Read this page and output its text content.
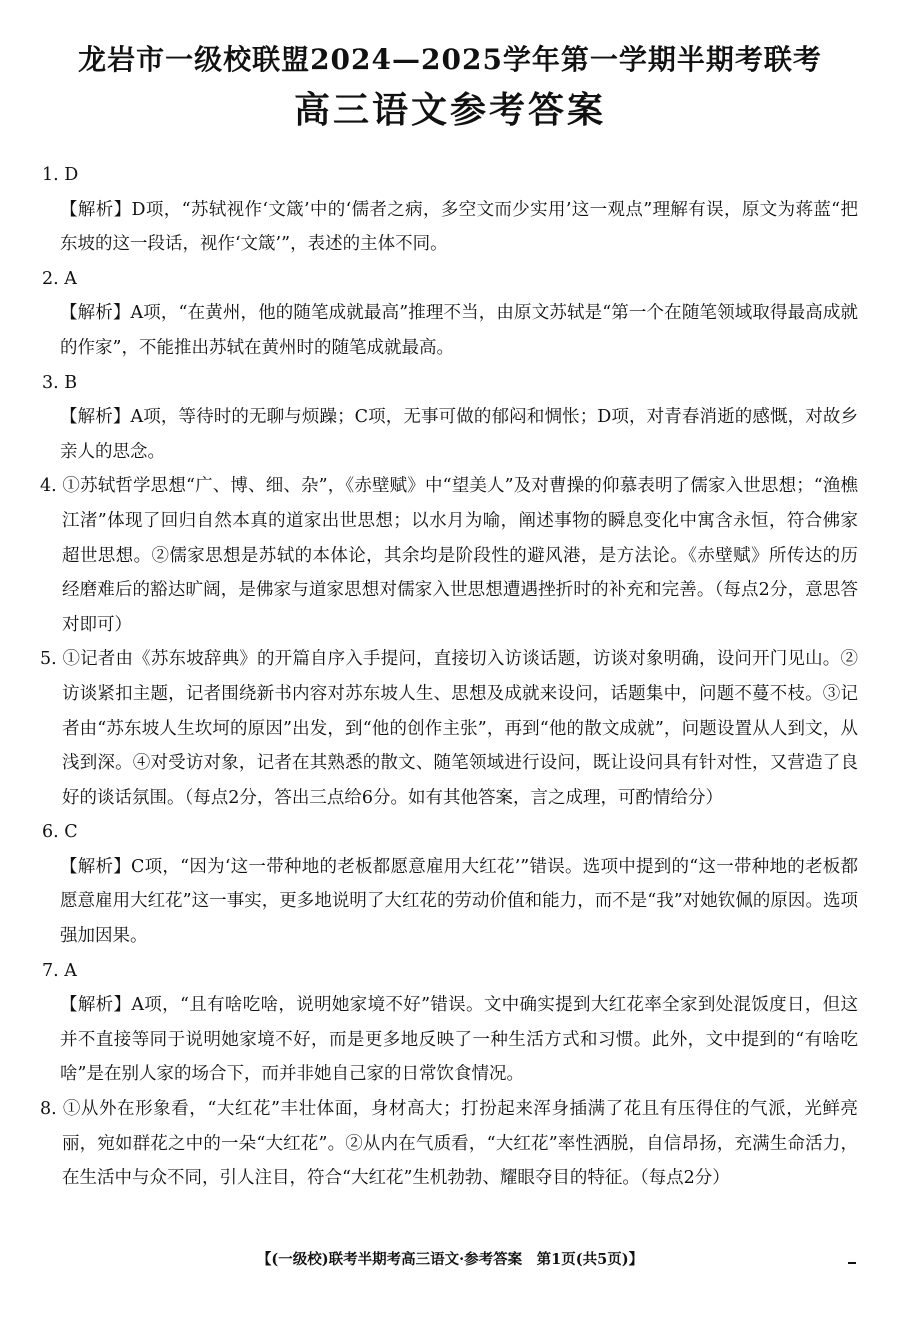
龙岩市一级校联盟2024—2025学年第一学期半期考联考
高三语文参考答案
1. D
【解析】D项，“苏轼视作‘文箴’中的‘儒者之病，多空文而少实用’这一观点”理解有误，原文为蒋蓝“把东坡的这一段话，视作‘文箴’”，表述的主体不同。
2. A
【解析】A项，“在黄州，他的随笔成就最高”推理不当，由原文苏轼是“第一个在随笔领域取得最高成就的作家”，不能推出苏轼在黄州时的随笔成就最高。
3. B
【解析】A项，等待时的无聊与烦躁；C项，无事可做的郁闷和惆怅；D项，对青春消逝的感慨，对故乡亲人的思念。
4. ①苏轼哲学思想“广、博、细、杂”，《赤壁赋》中“望美人”及对曹操的仰慕表明了儒家入世思想；“渔樵江渚”体现了回归自然本真的道家出世思想；以水月为喻，阐述事物的瞬息变化中寓含永恒，符合佛家超世思想。②儒家思想是苏轼的本体论，其余均是阶段性的避风港，是方法论。《赤壁赋》所传达的历经磨难后的豁达旷阔，是佛家与道家思想对儒家入世思想遭遇挫折时的补充和完善。（每点2分，意思答对即可）
5. ①记者由《苏东坡辞典》的开篇自序入手提问，直接切入访谈话题，访谈对象明确，设问开门见山。②访谈紧扣主题，记者围绕新书内容对苏东坡人生、思想及成就来设问，话题集中，问题不蔓不枝。③记者由“苏东坡人生坎坷的原因”出发，到“他的创作主张”，再到“他的散文成就”，问题设置从人到文，从浅到深。④对受访对象，记者在其熟悉的散文、随笔领域进行设问，既让设问具有针对性，又营造了良好的谈话氛围。（每点2分，答出三点给6分。如有其他答案，言之成理，可酌情给分）
6. C
【解析】C项，“因为‘这一带种地的老板都愿意雇用大红花’”错误。选项中提到的“这一带种地的老板都愿意雇用大红花”这一事实，更多地说明了大红花的劳动价值和能力，而不是“我”对她钦佩的原因。选项强加因果。
7. A
【解析】A项，“且有啥吃啥，说明她家境不好”错误。文中确实提到大红花率全家到处混饭度日，但这并不直接等同于说明她家境不好，而是更多地反映了一种生活方式和习惯。此外，文中提到的“有啥吃啥”是在别人家的场合下，而并非她自己家的日常饮食情况。
8. ①从外在形象看，“大红花”丰壮体面，身材高大；打扮起来浑身插满了花且有压得住的气派，光鲜亮丽，宛如群花之中的一朵“大红花”。②从内在气质看，“大红花”率性洒脱，自信昂扬，充满生命活力，在生活中与众不同，引人注目，符合“大红花”生机勃勃、耀眼夺目的特征。（每点2分）
【(一级校)联考半期考高三语文·参考答案　第1页(共5页)】
